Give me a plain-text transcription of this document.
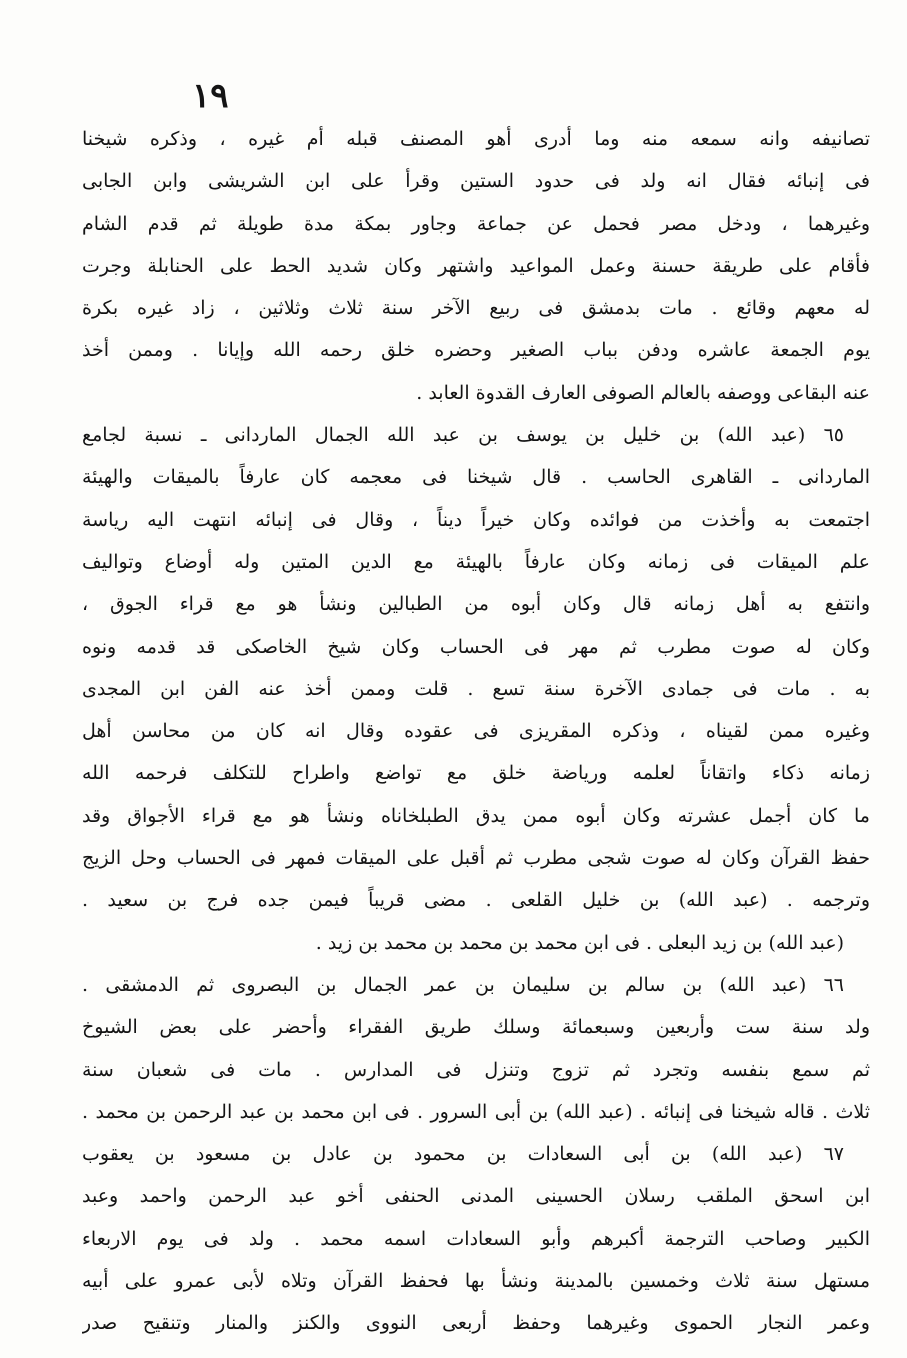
١٩
تصانيفه وانه سمعه منه وما أدرى أهو المصنف قبله أم غيره ، وذكره شيخنا
فى إنبائه فقال انه ولد فى حدود الستين وقرأ على ابن الشريشى وابن الجابى
وغيرهما ، ودخل مصر فحمل عن جماعة وجاور بمكة مدة طويلة ثم قدم الشام
فأقام على طريقة حسنة وعمل المواعيد واشتهر وكان شديد الحط على الحنابلة وجرت
له معهم وقائع . مات بدمشق فى ربيع الآخر سنة ثلاث وثلاثين ، زاد غيره بكرة
يوم الجمعة عاشره ودفن بباب الصغير وحضره خلق رحمه الله وإيانا . وممن أخذ
عنه البقاعى ووصفه بالعالم الصوفى العارف القدوة العابد .
٦٥ (عبد الله) بن خليل بن يوسف بن عبد الله الجمال الماردانى ـ نسبة لجامع
الماردانى ـ القاهرى الحاسب . قال شيخنا فى معجمه كان عارفاً بالميقات والهيئة
اجتمعت به وأخذت من فوائده وكان خيراً ديناً ، وقال فى إنبائه انتهت اليه رياسة
علم الميقات فى زمانه وكان عارفاً بالهيئة مع الدين المتين وله أوضاع وتواليف
وانتفع به أهل زمانه قال وكان أبوه من الطبالين ونشأ هو مع قراء الجوق ،
وكان له صوت مطرب ثم مهر فى الحساب وكان شيخ الخاصكى قد قدمه ونوه
به . مات فى جمادى الآخرة سنة تسع . قلت وممن أخذ عنه الفن ابن المجدى
وغيره ممن لقيناه ، وذكره المقريزى فى عقوده وقال انه كان من محاسن أهل
زمانه ذكاء واتقاناً لعلمه ورياضة خلق مع تواضع واطراح للتكلف فرحمه الله
ما كان أجمل عشرته وكان أبوه ممن يدق الطبلخاناه ونشأ هو مع قراء الأجواق وقد
حفظ القرآن وكان له صوت شجى مطرب ثم أقبل على الميقات فمهر فى الحساب وحل الزيج
وترجمه . (عبد الله) بن خليل القلعى . مضى قريباً فيمن جده فرج بن سعيد .
(عبد الله) بن زيد البعلى . فى ابن محمد بن محمد بن محمد بن زيد .
٦٦ (عبد الله) بن سالم بن سليمان بن عمر الجمال بن البصروى ثم الدمشقى .
ولد سنة ست وأربعين وسبعمائة وسلك طريق الفقراء وأحضر على بعض الشيوخ
ثم سمع بنفسه وتجرد ثم تزوج وتنزل فى المدارس . مات فى شعبان سنة
ثلاث . قاله شيخنا فى إنبائه . (عبد الله) بن أبى السرور . فى ابن محمد بن عبد الرحمن بن محمد .
٦٧ (عبد الله) بن أبى السعادات بن محمود بن عادل بن مسعود بن يعقوب
ابن اسحق الملقب رسلان الحسينى المدنى الحنفى أخو عبد الرحمن واحمد وعبد
الكبير وصاحب الترجمة أكبرهم وأبو السعادات اسمه محمد . ولد فى يوم الاربعاء
مستهل سنة ثلاث وخمسين بالمدينة ونشأ بها فحفظ القرآن وتلاه لأبى عمرو على أبيه
وعمر النجار الحموى وغيرهما وحفظ أربعى النووى والكنز والمنار وتنقيح صدر
